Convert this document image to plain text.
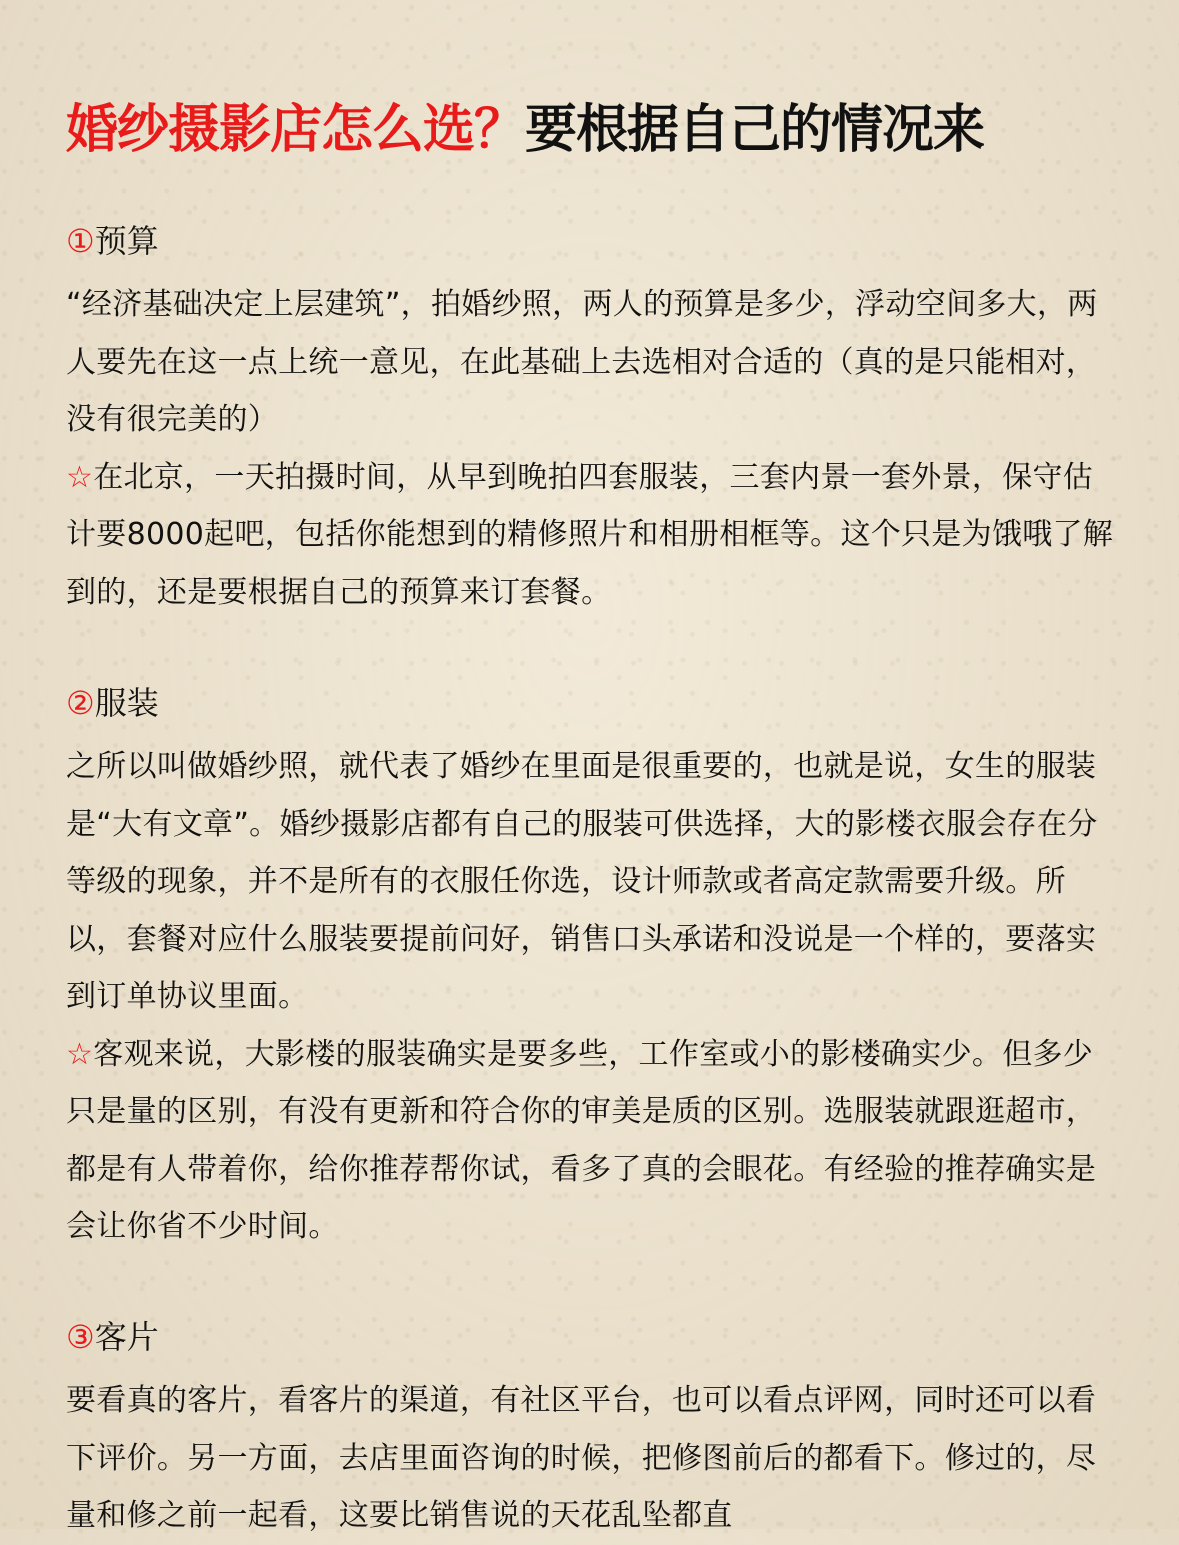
婚纱摄影店怎么选？要根据自己的情况来
①预算

“经济基础决定上层建筑”，拍婚纱照，两人的预算是多少，浮动空间多大，两人要先在这一点上统一意见，在此基础上去选相对合适的（真的是只能相对，没有很完美的）

☆在北京，一天拍摄时间，从早到晚拍四套服装，三套内景一套外景，保守估计要8000起吧，包括你能想到的精修照片和相册相框等。这个只是为饿哦了解到的，还是要根据自己的预算来订套餐。

②服装

之所以叫做婚纱照，就代表了婚纱在里面是很重要的，也就是说，女生的服装是“大有文章”。婚纱摄影店都有自己的服装可供选择，大的影楼衣服会存在分等级的现象，并不是所有的衣服任你选，设计师款或者高定款需要升级。所以，套餐对应什么服装要提前问好，销售口头承诺和没说是一个样的，要落实到订单协议里面。

☆客观来说，大影楼的服装确实是要多些，工作室或小的影楼确实少。但多少只是量的区别，有没有更新和符合你的审美是质的区别。选服装就跟逛超市，都是有人带着你，给你推荐帮你试，看多了真的会眼花。有经验的推荐确实是会让你省不少时间。

③客片

要看真的客片，看客片的渠道，有社区平台，也可以看点评网，同时还可以看下评价。另一方面，去店里面咨询的时候，把修图前后的都看下。修过的，尽量和修之前一起看，这要比销售说的天花乱坠都直
